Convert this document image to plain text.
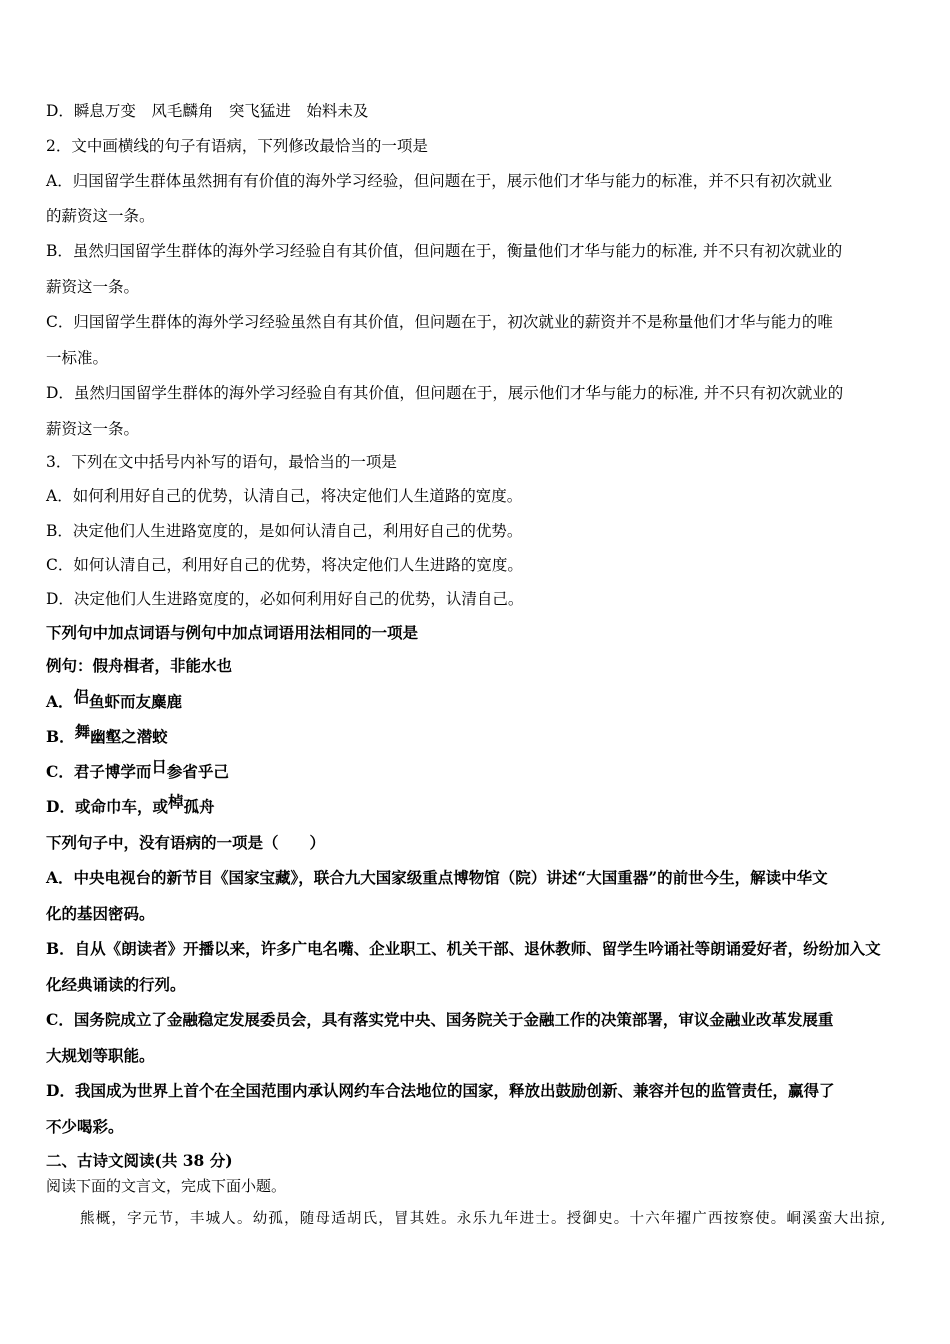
D．瞬息万变　风毛麟角　突飞猛进　始料未及
2．文中画横线的句子有语病，下列修改最恰当的一项是
A．归国留学生群体虽然拥有有价值的海外学习经验，但问题在于，展示他们才华与能力的标准，并不只有初次就业
的薪资这一条。
B．虽然归国留学生群体的海外学习经验自有其价值，但问题在于，衡量他们才华与能力的标准, 并不只有初次就业的
薪资这一条。
C．归国留学生群体的海外学习经验虽然自有其价值，但问题在于，初次就业的薪资并不是称量他们才华与能力的唯
一标准。
D．虽然归国留学生群体的海外学习经验自有其价值，但问题在于，展示他们才华与能力的标准, 并不只有初次就业的
薪资这一条。
3．下列在文中括号内补写的语句，最恰当的一项是
A．如何利用好自己的优势，认清自己，将决定他们人生道路的宽度。
B．决定他们人生进路宽度的，是如何认清自己，利用好自己的优势。
C．如何认清自己，利用好自己的优势，将决定他们人生进路的宽度。
D．决定他们人生进路宽度的，必如何利用好自己的优势，认清自己。
下列句中加点词语与例句中加点词语用法相同的一项是
例句：假舟楫者，非能水也
A．侣鱼虾而友麋鹿
B．舞幽壑之潜蛟
C．君子博学而日参省乎己
D．或命巾车，或棹孤舟
下列句子中，没有语病的一项是（　　）
A．中央电视台的新节目《国家宝藏》，联合九大国家级重点博物馆（院）讲述“大国重器”的前世今生，解读中华文
化的基因密码。
B．自从《朗读者》开播以来，许多广电名嘴、企业职工、机关干部、退休教师、留学生吟诵社等朗诵爱好者，纷纷加入文
化经典诵读的行列。
C．国务院成立了金融稳定发展委员会，具有落实党中央、国务院关于金融工作的决策部署，审议金融业改革发展重
大规划等职能。
D．我国成为世界上首个在全国范围内承认网约车合法地位的国家，释放出鼓励创新、兼容并包的监管责任，赢得了
不少喝彩。
二、古诗文阅读(共 38 分)
阅读下面的文言文，完成下面小题。
熊概，字元节，丰城人。幼孤，随母适胡氏，冒其姓。永乐九年进士。授御史。十六年擢广西按察使。峒溪蛮大出掠,
